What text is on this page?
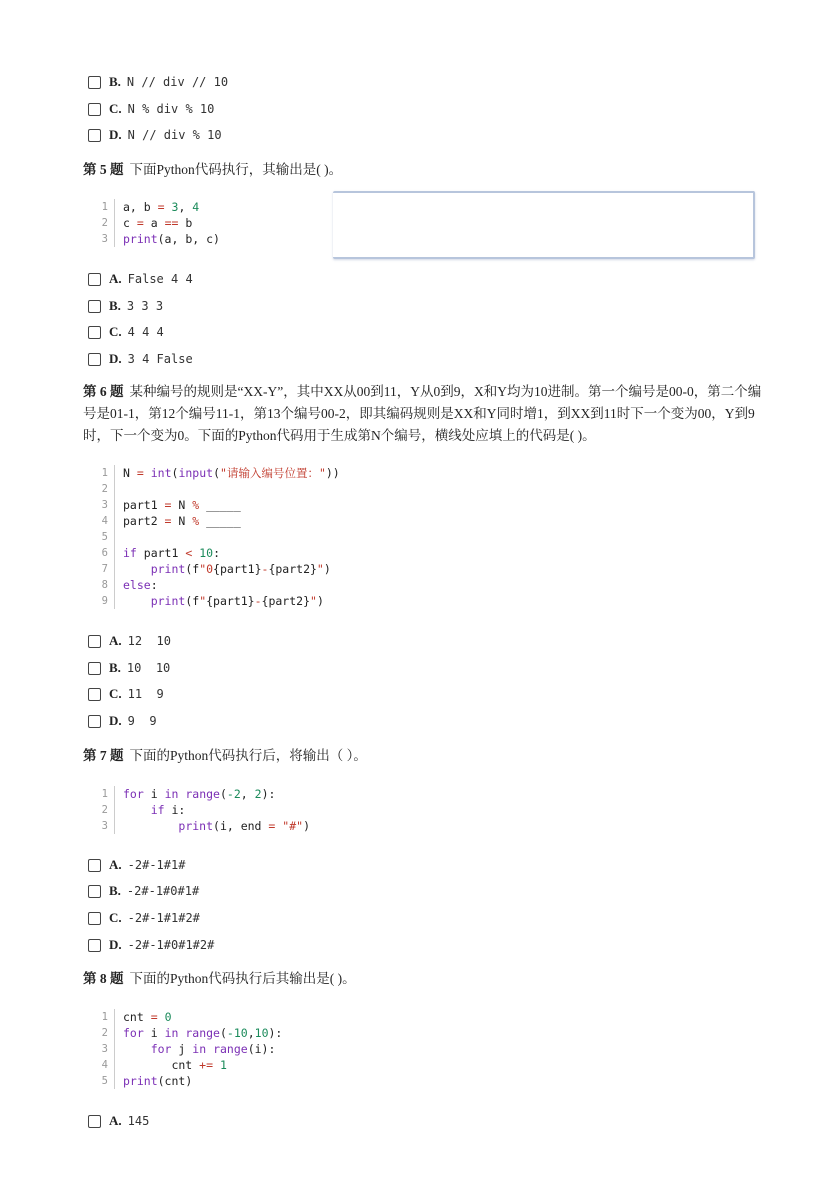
B. N // div // 10
C. N % div % 10
D. N // div % 10
第 5 题 下面Python代码执行，其输出是( )。
1	a, b = 3, 4
2	c = a == b
3	print(a, b, c)
A. False 4 4
B. 3 3 3
C. 4 4 4
D. 3 4 False
第 6 题 某种编号的规则是“XX-Y”，其中XX从00到11，Y从0到9，X和Y均为10进制。第一个编号是00-0，第二个编
号是01-1，第12个编号11-1，第13个编号00-2，即其编码规则是XX和Y同时增1，到XX到11时下一个变为00，Y到9
时，下一个变为0。下面的Python代码用于生成第N个编号，横线处应填上的代码是( )。
1	N = int(input("请输入编号位置："))
2
3	part1 = N % _____
4	part2 = N % _____
5
6	if part1 < 10:
7	print(f"0{part1}-{part2}")
8	else:
9	print(f"{part1}-{part2}")
A. 12  10
B. 10  10
C. 11  9
D. 9  9
第 7 题 下面的Python代码执行后，将输出（ ）。
1	for i in range(-2, 2):
2	if i:
3	print(i, end = "#")
A. -2#-1#1#
B. -2#-1#0#1#
C. -2#-1#1#2#
D. -2#-1#0#1#2#
第 8 题 下面的Python代码执行后其输出是( )。
1	cnt = 0
2	for i in range(-10,10):
3	for j in range(i):
4	cnt += 1
5	print(cnt)
A. 145
